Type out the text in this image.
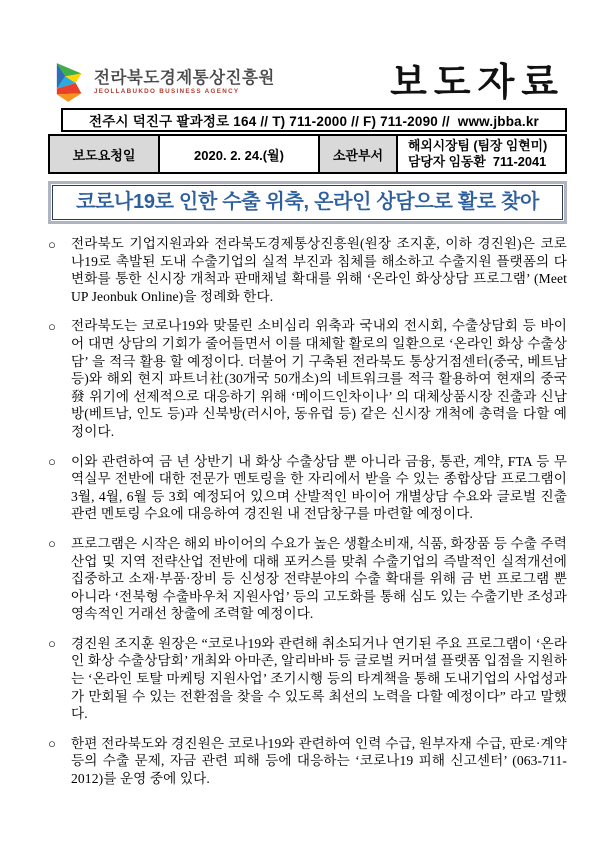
전라북도경제통상진흥원
JEOLLABUKDO BUSINESS AGENCY	보도자료
전주시 덕진구 팔과정로 164 // T) 711-2000 // F) 711-2090 //  www.jbba.kr
보도요청일	2020. 2. 24.(월)	소관부서
해외시장팀 (팀장 임현미)
담당자 임동환  711-2041
코로나19로 인한 수출 위축, 온라인 상담으로 활로 찾아
○	전라북도 기업지원과와 전라북도경제통상진흥원(원장 조지훈, 이하 경진원)은 코로나19로 촉발된 도내 수출기업의 실적 부진과 침체를 해소하고 수출지원 플랫폼의 다변화를 통한 신시장 개척과 판매채널 확대를 위해 ‘온라인 화상상담 프로그램’ (Meet UP Jeonbuk Online)을 정례화 한다.
○	전라북도는 코로나19와 맞물린 소비심리 위축과 국내외 전시회, 수출상담회 등 바이어 대면 상담의 기회가 줄어들면서 이를 대체할 활로의 일환으로 ‘온라인 화상 수출상담’ 을 적극 활용 할 예정이다. 더불어 기 구축된 전라북도 통상거점센터(중국, 베트남 등)와 해외 현지 파트너社(30개국 50개소)의 네트워크를 적극 활용하여 현재의 중국發 위기에 선제적으로 대응하기 위해 ‘메이드인차이나’ 의 대체상품시장 진출과 신남방(베트남, 인도 등)과 신북방(러시아, 동유럽 등) 같은 신시장 개척에 총력을 다할 예정이다.
○	이와 관련하여 금 년 상반기 내 화상 수출상담 뿐 아니라 금융, 통관, 계약, FTA 등 무역실무 전반에 대한 전문가 멘토링을 한 자리에서 받을 수 있는 종합상담 프로그램이 3월, 4월, 6월 등 3회 예정되어 있으며 산발적인 바이어 개별상담 수요와 글로벌 진출 관련 멘토링 수요에 대응하여 경진원 내 전담창구를 마련할 예정이다.
○	프로그램은 시작은 해외 바이어의 수요가 높은 생활소비재, 식품, 화장품 등 수출 주력산업 및 지역 전략산업 전반에 대해 포커스를 맞춰 수출기업의 즉발적인 실적개선에 집중하고 소재·부품·장비 등 신성장 전략분야의 수출 확대를 위해 금 번 프로그램 뿐 아니라 ‘전북형 수출바우처 지원사업’ 등의 고도화를 통해 심도 있는 수출기반 조성과 영속적인 거래선 창출에 조력할 예정이다.
○	경진원 조지훈 원장은 “코로나19와 관련해 취소되거나 연기된 주요 프로그램이 ‘온라인 화상 수출상담회’ 개최와 아마존, 알리바바 등 글로벌 커머셜 플랫폼 입점을 지원하는 ‘온라인 토탈 마케팅 지원사업’ 조기시행 등의 타계책을 통해 도내기업의 사업성과가 만회될 수 있는 전환점을 찾을 수 있도록 최선의 노력을 다할 예정이다” 라고 말했다.
○	한편 전라북도와 경진원은 코로나19와 관련하여 인력 수급, 원부자재 수급, 판로·계약 등의 수출 문제, 자금 관련 피해 등에 대응하는 ‘코로나19 피해 신고센터’ (063-711-2012)를 운영 중에 있다.
